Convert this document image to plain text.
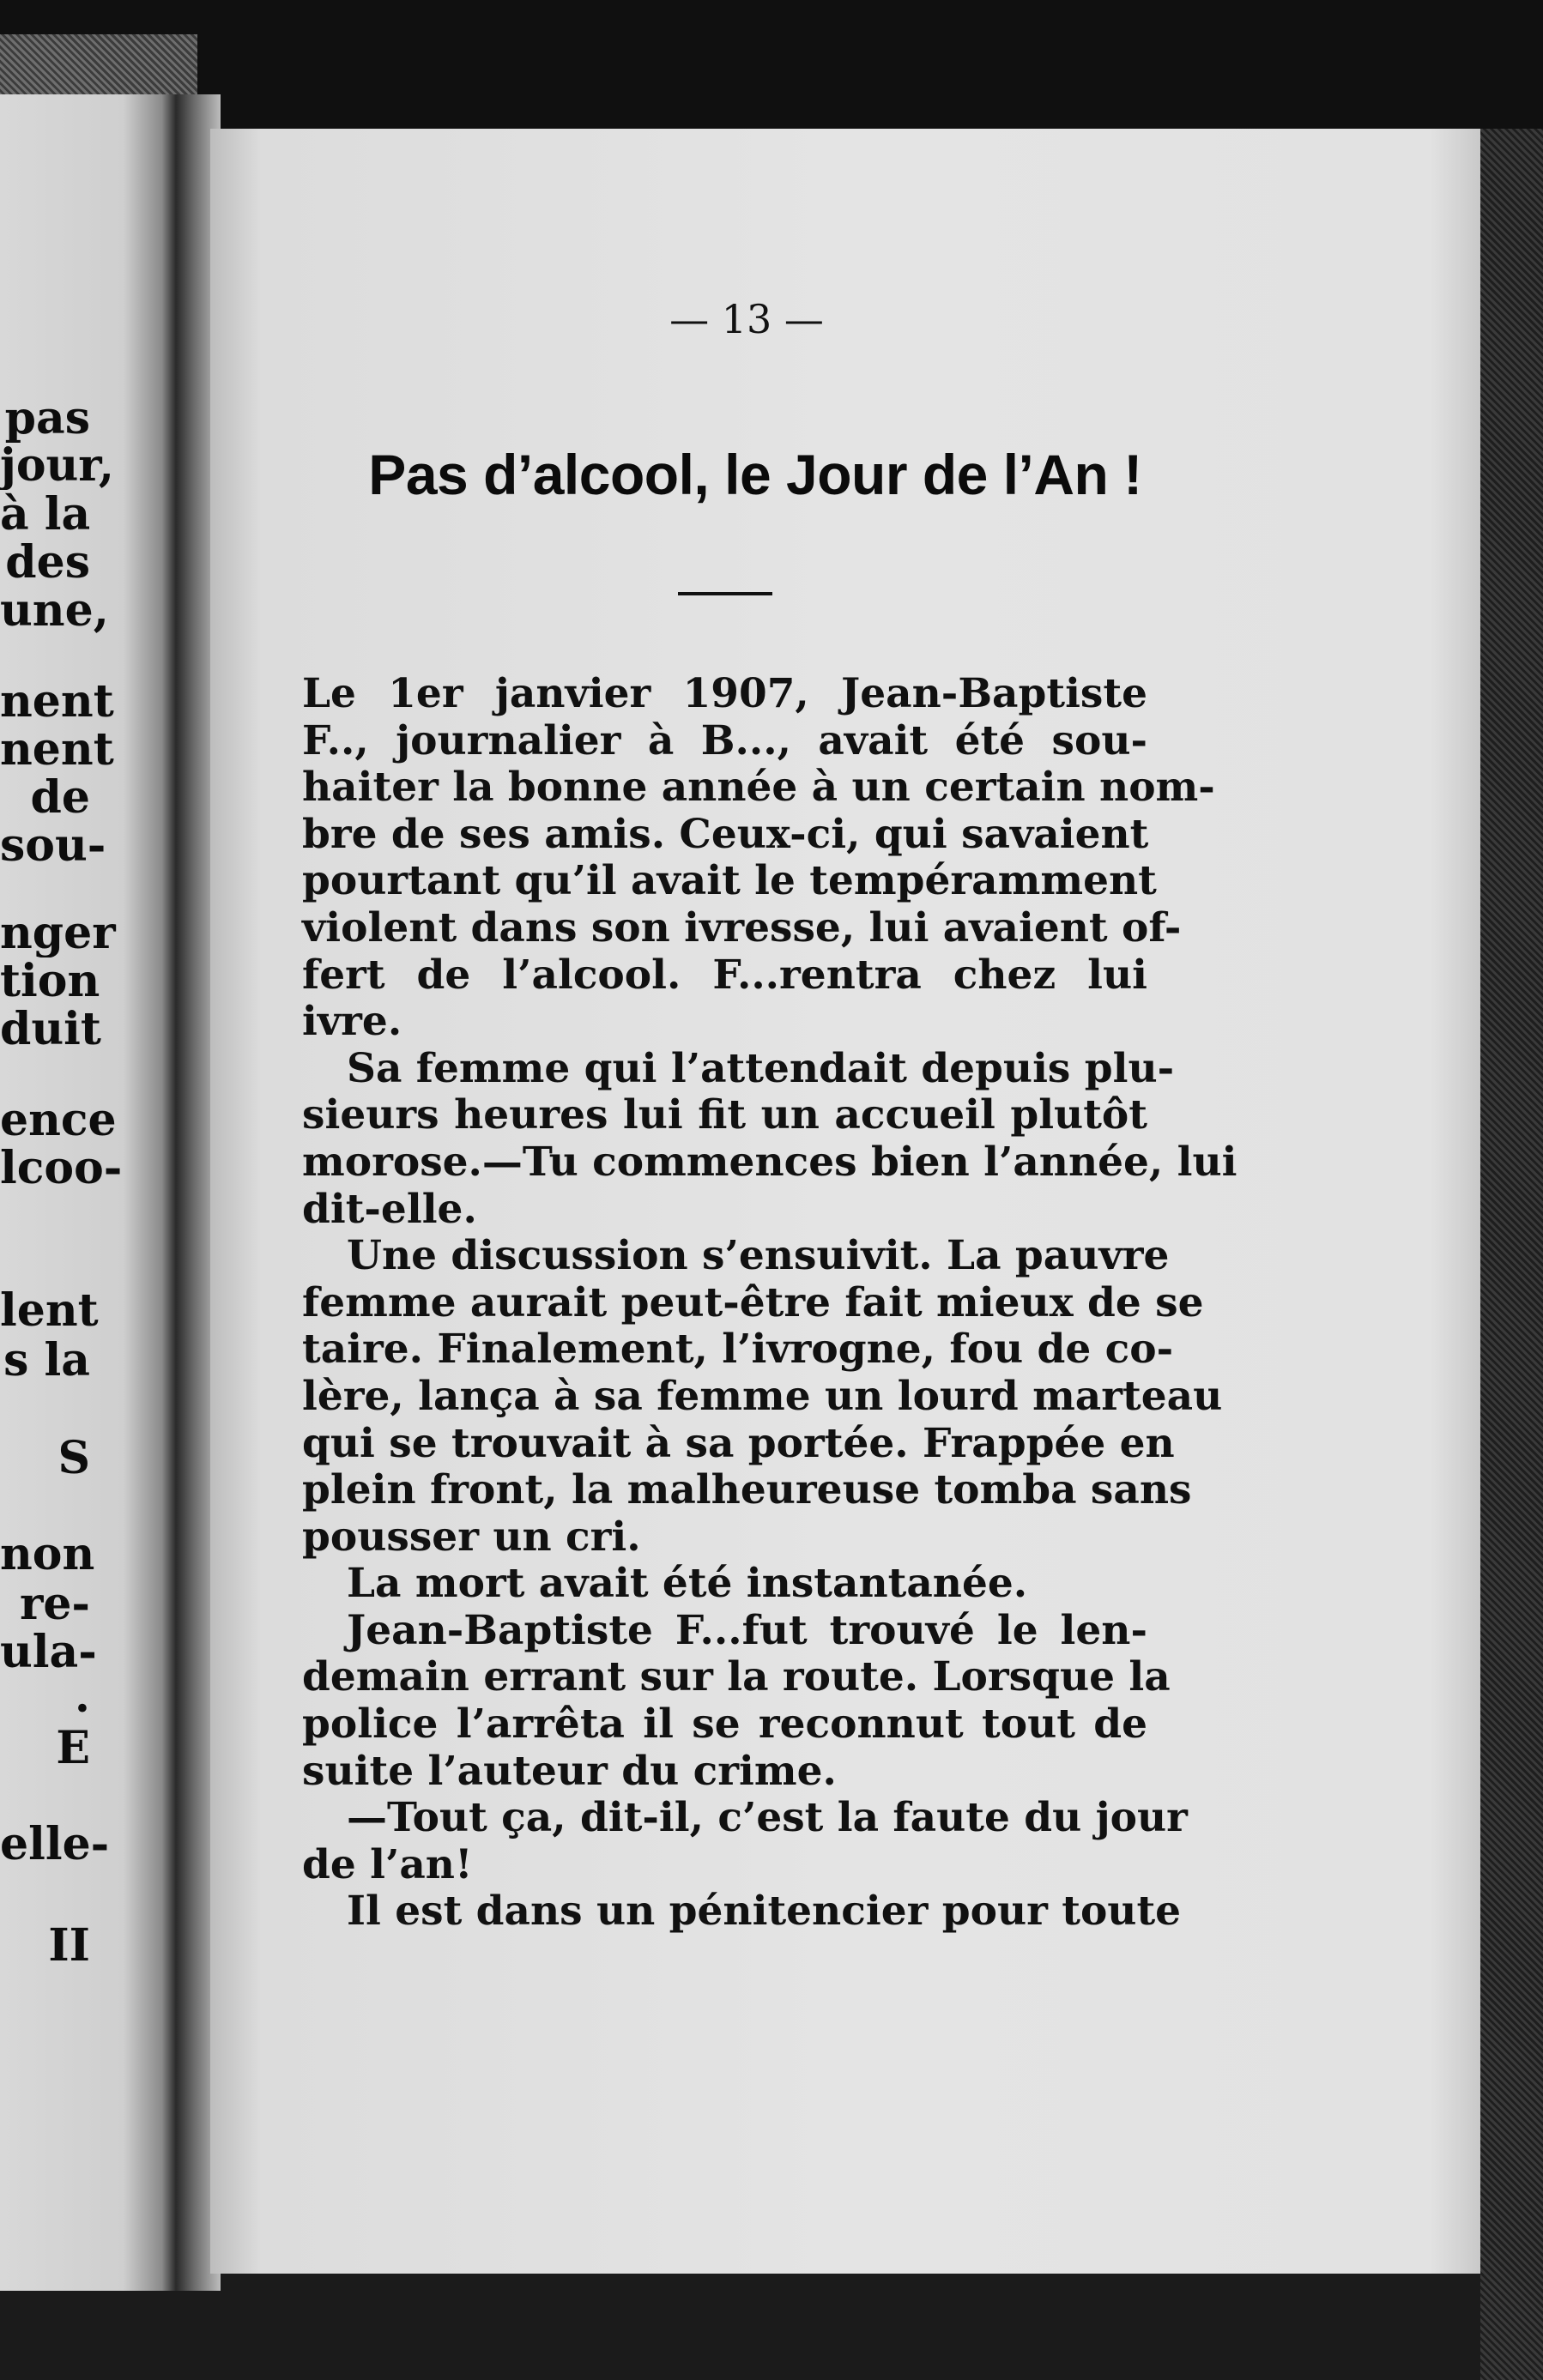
pas
jour,
à la
des
une,
nent
nent
de
sou-
nger
tion
duit
ence
lcoo-
lent
s la
S
non
re-
ula-
.
E
elle-
II
— 13 —
Pas d’alcool, le Jour de l’An !
Le 1er janvier 1907, Jean-Baptiste
F.., journalier à B..., avait été sou-
haiter la bonne année à un certain nom-
bre de ses amis. Ceux-ci, qui savaient
pourtant qu’il avait le tempéramment
violent dans son ivresse, lui avaient of-
fert de l’alcool. F...rentra chez lui
ivre.
Sa femme qui l’attendait depuis plu-
sieurs heures lui fit un accueil plutôt
morose.—Tu commences bien l’année, lui
dit-elle.
Une discussion s’ensuivit. La pauvre
femme aurait peut-être fait mieux de se
taire. Finalement, l’ivrogne, fou de co-
lère, lança à sa femme un lourd marteau
qui se trouvait à sa portée. Frappée en
plein front, la malheureuse tomba sans
pousser un cri.
La mort avait été instantanée.
Jean-Baptiste F...fut trouvé le len-
demain errant sur la route. Lorsque la
police l’arrêta il se reconnut tout de
suite l’auteur du crime.
—Tout ça, dit-il, c’est la faute du jour
de l’an!
Il est dans un pénitencier pour toute
